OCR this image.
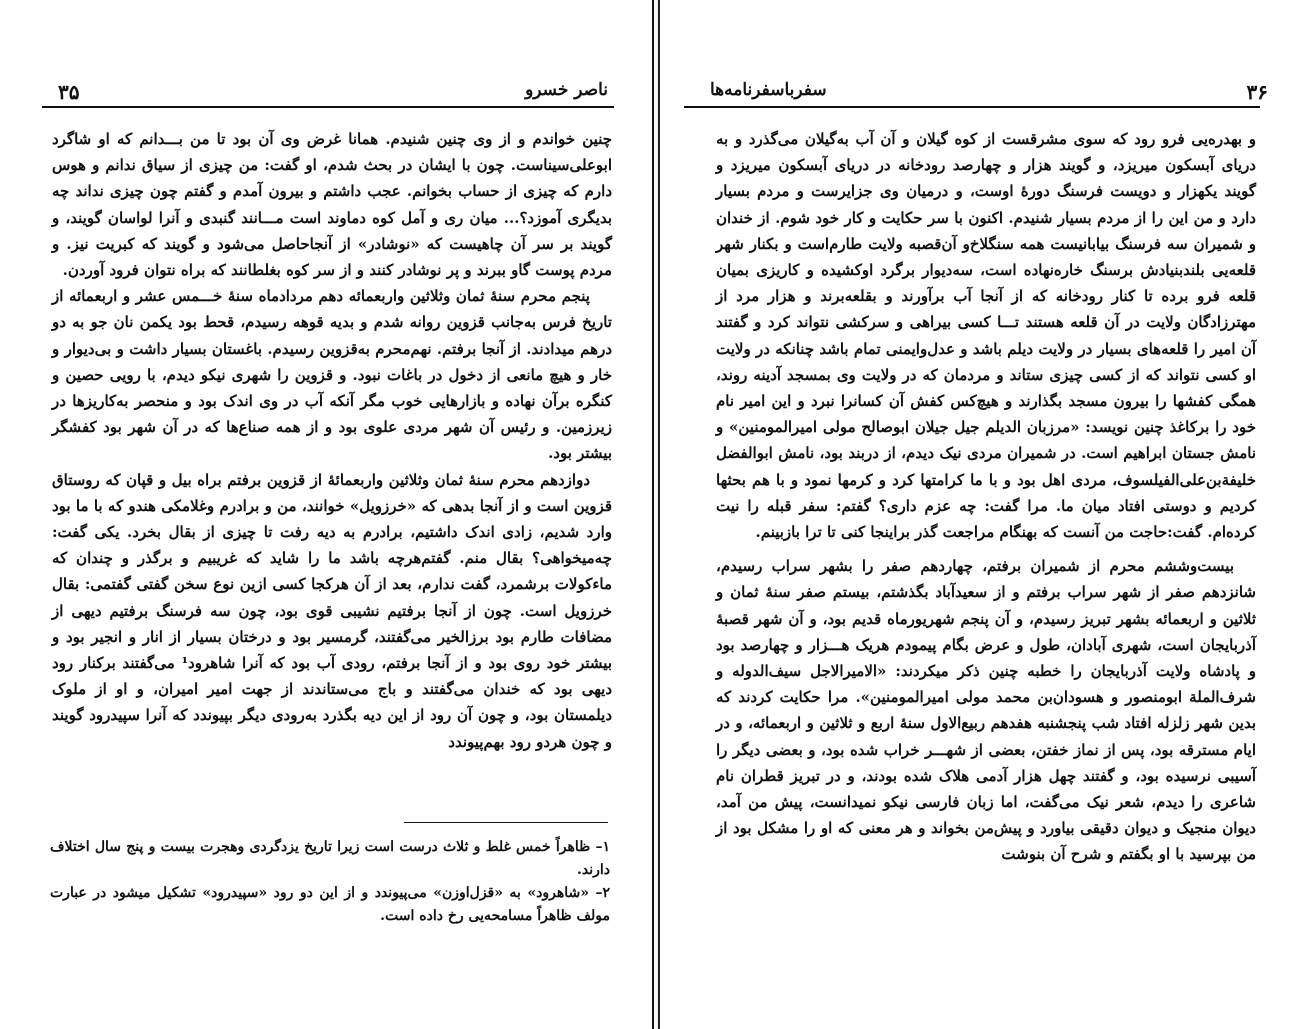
ناصر خسرو
۳۵

چنین خواندم و از وی چنین شنیدم. همانا غرض وی آن بود تا من بـــدانم که او شاگرد ابوعلی‌سیناست. چون با ایشان در بحث شدم، او گفت: من چیزی از سیاق ندانم و هوس دارم که چیزی از حساب بخوانم. عجب داشتم و بیرون آمدم و گفتم چون چیزی نداند چه بدیگری آموزد؟... میان ری و آمل کوه دماوند است مـــانند گنبدی و آنرا لواسان گویند، و گویند بر سر آن چاهیست که «نوشادر» از آنجاحاصل می‌شود و گویند که کبریت نیز. و مردم پوست گاو ببرند و پر نوشادر کنند و از سر کوه بغلطانند که براه نتوان فرود آوردن.

پنجم محرم سنهٔ ثمان وثلاثین واربعمائه دهم مردادماه سنهٔ خـــمس عشر و اربعمائه از تاریخ فرس به‌جانب قزوین روانه شدم و بدیه قوهه رسیدم، قحط بود یکمن نان جو به دو درهم میدادند. از آنجا برفتم. نهم‌محرم به‌قزوین رسیدم. باغستان بسیار داشت و بی‌دیوار و خار و هیچ مانعی از دخول در باغات نبود. و قزوین را شهری نیکو دیدم، با رویی حصین و کنگره برآن نهاده و بازارهایی خوب مگر آنکه آب در وی اندک بود و منحصر به‌کاریزها در زیرزمین. و رئیس آن شهر مردی علوی بود و از همه صناع‌ها که در آن شهر بود کفشگر بیشتر بود.

دوازدهم محرم سنهٔ ثمان وثلاثین واربعمائهٔ از قزوین برفتم براه بیل و قپان که روستاق قزوین است و از آنجا بدهی که «خرزویل» خوانند، من و برادرم وغلامکی هندو که با ما بود وارد شدیم، زادی اندک داشتیم، برادرم به دیه رفت تا چیزی از بقال بخرد. یکی گفت: چه‌میخواهی؟ بقال منم. گفتم‌هرچه باشد ما را شاید که غریبیم و برگذر و چندان که ماءکولات برشمرد، گفت ندارم، بعد از آن هرکجا کسی ازین نوع سخن گفتی گفتمی: بقال خرزویل است. چون از آنجا برفتیم نشیبی قوی بود، چون سه فرسنگ برفتیم دیهی از مضافات طارم بود برزالخیر می‌گفتند، گرمسیر بود و درختان بسیار از انار و انجیر بود و بیشتر خود روی بود و از آنجا برفتم، رودی آب بود که آنرا شاهرود¹ می‌گفتند برکنار رود دیهی بود که خندان می‌گفتند و باج می‌ستاندند از جهت امیر امیران، و او از ملوک دیلمستان بود، و چون آن رود از این دیه بگذرد به‌رودی دیگر بپیوندد که آنرا سپیدرود گویند و چون هردو رود بهم‌پیوندد

۱– ظاهراً خمس غلط و ثلاث درست است زیرا تاریخ یزدگردی وهجرت بیست و پنج سال اختلاف دارند.

۲– «شاهرود» به «قزل‌اوزن» می‌پیوندد و از این دو رود «سپیدرود» تشکیل میشود در عبارت مولف ظاهراً مسامحه‌یی رخ داده است.

سفرباسفرنامه‌ها	۳۶

و بهدره‌یی فرو رود که سوی مشرقست از کوه گیلان و آن آب به‌گیلان می‌گذرد و به دریای آبسکون میریزد، و گویند هزار و چهارصد رودخانه در دریای آبسکون میریزد و گویند یکهزار و دویست فرسنگ دورهٔ اوست، و درمیان وی جزایرست و مردم بسیار دارد و من این را از مردم بسیار شنیدم. اکنون با سر حکایت و کار خود شوم. از خندان و شمیران سه فرسنگ بیابانیست همه سنگلاخ‌و آن‌قصبه ولایت طارم‌است و بکنار شهر قلعه‌یی بلندبنیادش برسنگ خاره‌نهاده است، سه‌دیوار برگرد اوکشیده و کاریزی بمیان قلعه فرو برده تا کنار رودخانه که از آنجا آب برآورند و بقلعه‌برند و هزار مرد از مهترزادگان ولایت در آن قلعه هستند تـــا کسی بیراهی و سرکشی نتواند کرد و گفتند آن امیر را قلعه‌های بسیار در ولایت دیلم باشد و عدل‌وایمنی تمام باشد چنانکه در ولایت او کسی نتواند که از کسی چیزی ستاند و مردمان که در ولایت وی بمسجد آدینه روند، همگی کفشها را بیرون مسجد بگذارند و هیچ‌کس کفش آن کسانرا نبرد و این امیر نام خود را برکاغذ چنین نویسد: «مرزبان الدیلم جیل جیلان ابوصالح مولی امیرالمومنین» و نامش جستان ابراهیم است. در شمیران مردی نیک دیدم، از دربند بود، نامش ابوالفضل خلیفةبن‌علی‌الفیلسوف، مردی اهل بود و با ما کرامتها کرد و کرمها نمود و با هم بحثها کردیم و دوستی افتاد میان ما. مرا گفت: چه عزم داری؟ گفتم: سفر قبله را نیت کرده‌ام. گفت:حاجت من آنست که بهنگام مراجعت گذر براینجا کنی تا ترا بازبینم.

بیست‌وششم محرم از شمیران برفتم، چهاردهم صفر را بشهر سراب رسیدم، شانزدهم صفر از شهر سراب برفتم و از سعیدآباد بگذشتم، بیستم صفر سنهٔ ثمان و ثلاثین و اربعمائه بشهر تبریز رسیدم، و آن پنجم شهریورماه قدیم بود، و آن شهر قصبهٔ آذربایجان است، شهری آبادان، طول و عرض بگام پیمودم هریک هـــزار و چهارصد بود و پادشاه ولایت آذربایجان را خطبه چنین ذکر میکردند: «الامیرالاجل سیف‌الدوله و شرف‌الملة ابومنصور و هسودان‌بن محمد مولی امیرالمومنین». مرا حکایت کردند که بدین شهر زلزله افتاد شب پنجشنبه هفدهم ربیع‌الاول سنهٔ اربع و ثلاثین و اربعمائه، و در ایام مسترقه بود، پس از نماز خفتن، بعضی از شهـــر خراب شده بود، و بعضی دیگر را آسیبی نرسیده بود، و گفتند چهل هزار آدمی هلاک شده بودند، و در تبریز قطران نام شاعری را دیدم، شعر نیک می‌گفت، اما زبان فارسی نیکو نمیدانست، پیش من آمد، دیوان منجیک و دیوان دقیقی بیاورد و پیش‌من بخواند و هر معنی که او را مشکل بود از من بپرسید با او بگفتم و شرح آن بنوشت
